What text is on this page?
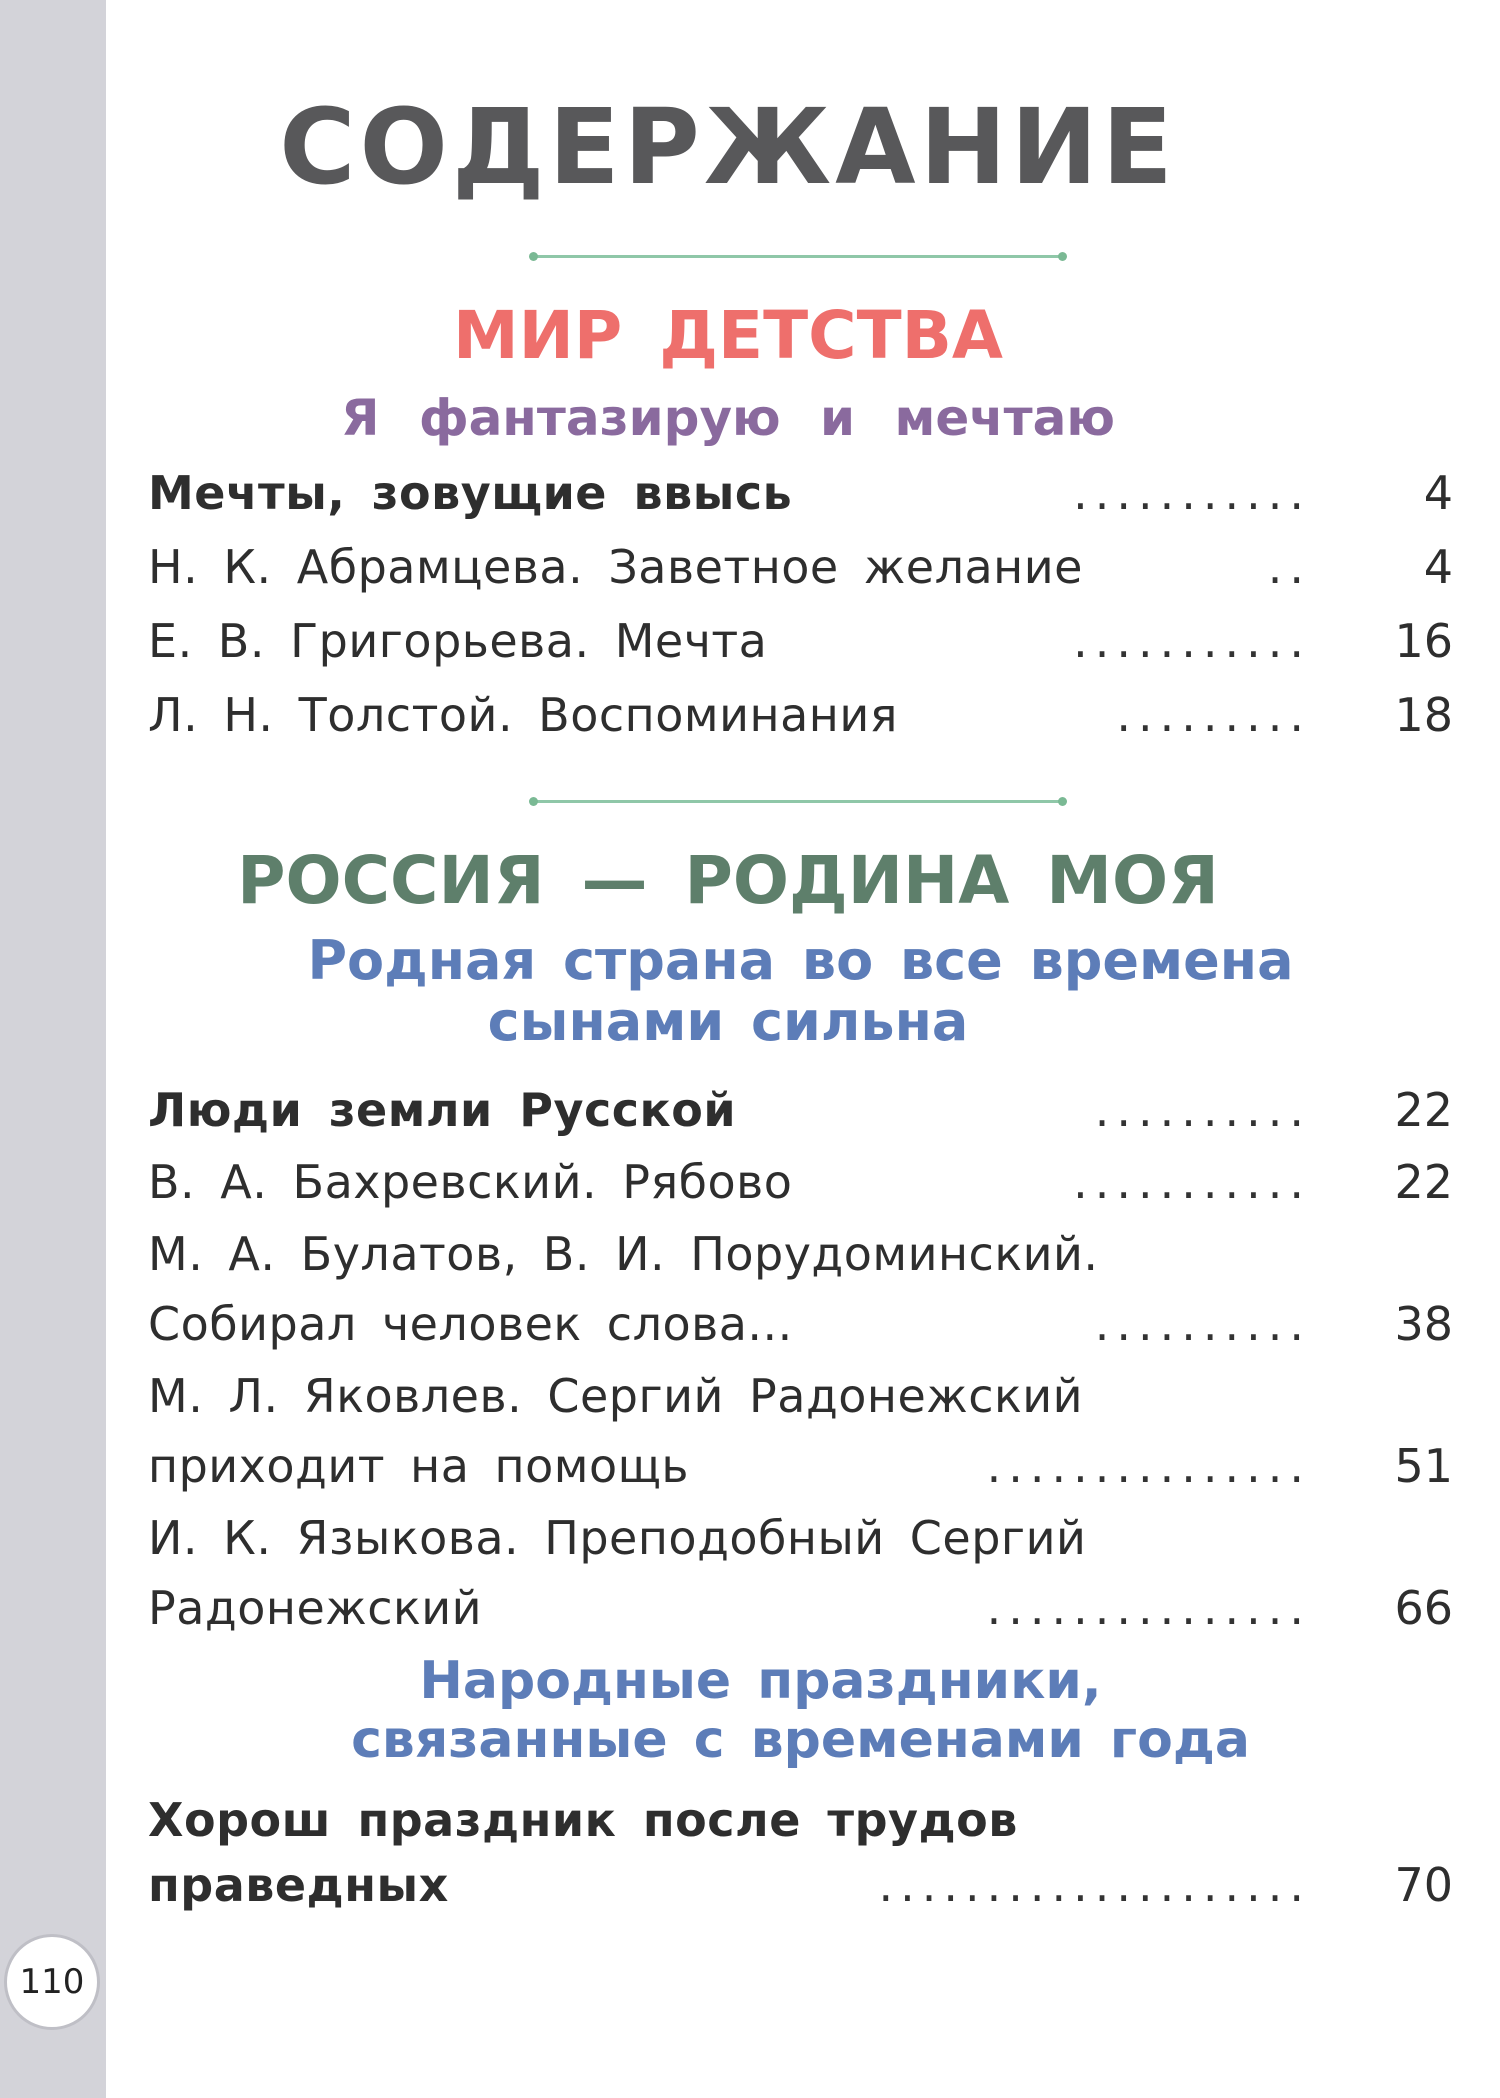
110
СОДЕРЖАНИЕ
МИР ДЕТСТВА
Я фантазирую и мечтаю
Мечты, зовущие ввысь	........... 4
Н. К. Абрамцева. Заветное желание	.. 4
Е. В. Григорьева. Мечта	........... 16
Л. Н. Толстой. Воспоминания	......... 18
РОССИЯ — РОДИНА МОЯ
Родная страна во все времена
сынами сильна
Люди земли Русской	.......... 22
В. А. Бахревский. Рябово	........... 22
М. А. Булатов, В. И. Порудоминский.
Собирал человек слова...	.......... 38
М. Л. Яковлев. Сергий Радонежский
приходит на помощь	............... 51
И. К. Языкова. Преподобный Сергий
Радонежский	............... 66
Народные праздники,
связанные с временами года
Хорош праздник после трудов
праведных	.................... 70
